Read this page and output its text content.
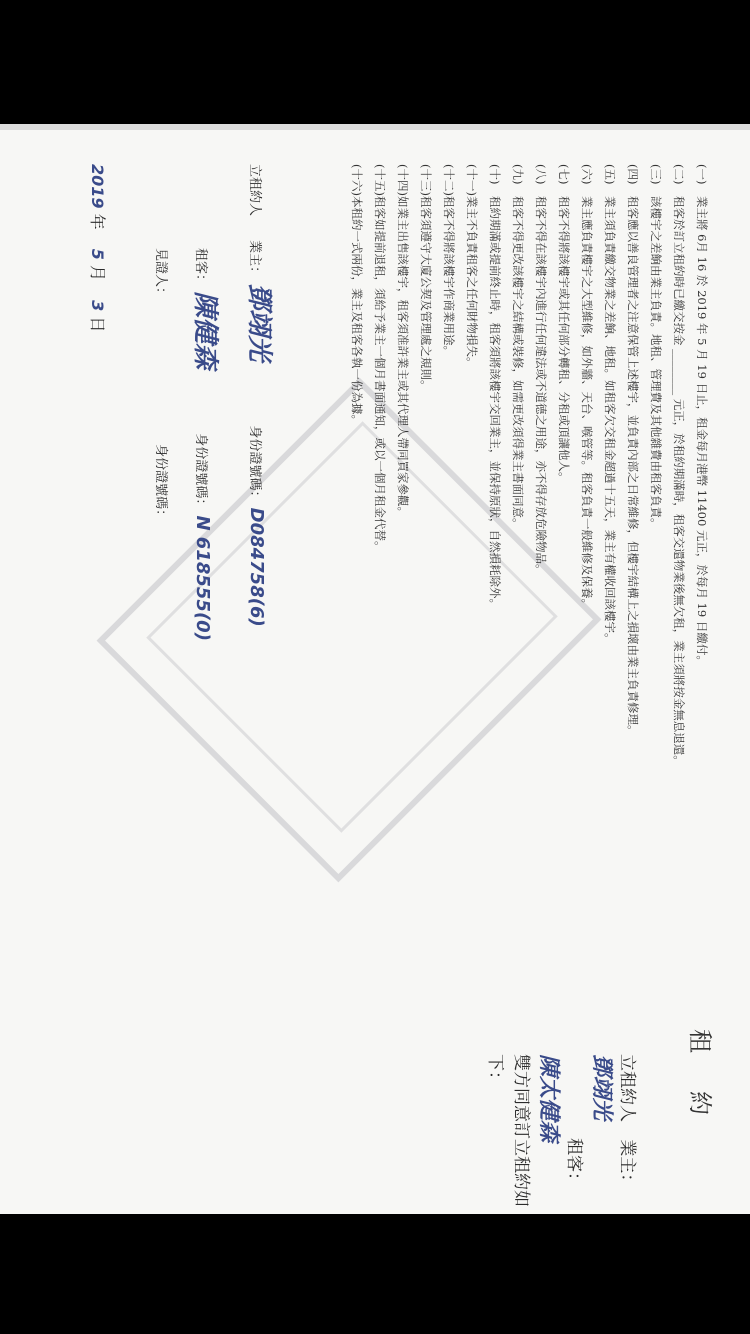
租約
立租約人 業主： 鄧翊光
租客： 陳太健森
雙方同意訂立租約如下：
(一)業主將 6月 16 於 2019 年 5 月 19 日止，租金每月港幣 11400 元正，於每月 19 日繳付。
(二)租客於訂立租約時已繳交按金 ________ 元正，於租約期滿時，租客交還物業後無欠租，業主須將按金無息退還。
(三)該樓宇之差餉由業主負責。地租、管理費及其他雜費由租客負責。
(四)租客應以善良管理者之注意保管上述樓宇，並負責內部之日常維修，但樓宇結構上之損壞由業主負責修理。
(五)業主須負責繳交物業之差餉、地租。如租客欠交租金超過十五天，業主有權收回該樓宇。
(六)業主應負責樓宇之大型維修，如外牆、天台、喉管等。租客負責一般維修及保養。
(七)租客不得將該樓宇或其任何部分轉租、分租或頂讓他人。
(八)租客不得在該樓宇內進行任何違法或不道德之用途，亦不得存放危險物品。
(九)租客不得更改該樓宇之結構或裝修，如需更改須得業主書面同意。
(十)租約期滿或提前終止時，租客須將該樓宇交回業主，並保持原狀，自然損耗除外。
(十一)業主不負責租客之任何財物損失。
(十二)租客不得將該樓宇作商業用途。
(十三)租客須遵守大廈公契及管理處之規則。
(十四)如業主出售該樓宇，租客須准許業主或其代理人帶同買家參觀。
(十五)租客如提前退租，須給予業主一個月書面通知，或以一個月租金代替。
(十六)本租約一式兩份，業主及租客各執一份為據。
立租約人 業主： 鄧翊光 身份證號碼： D084758(6)
租客： 陳健森 身份證號碼： N 618555(0)
見證人： 身份證號碼：
2019 年 5 月 3 日
